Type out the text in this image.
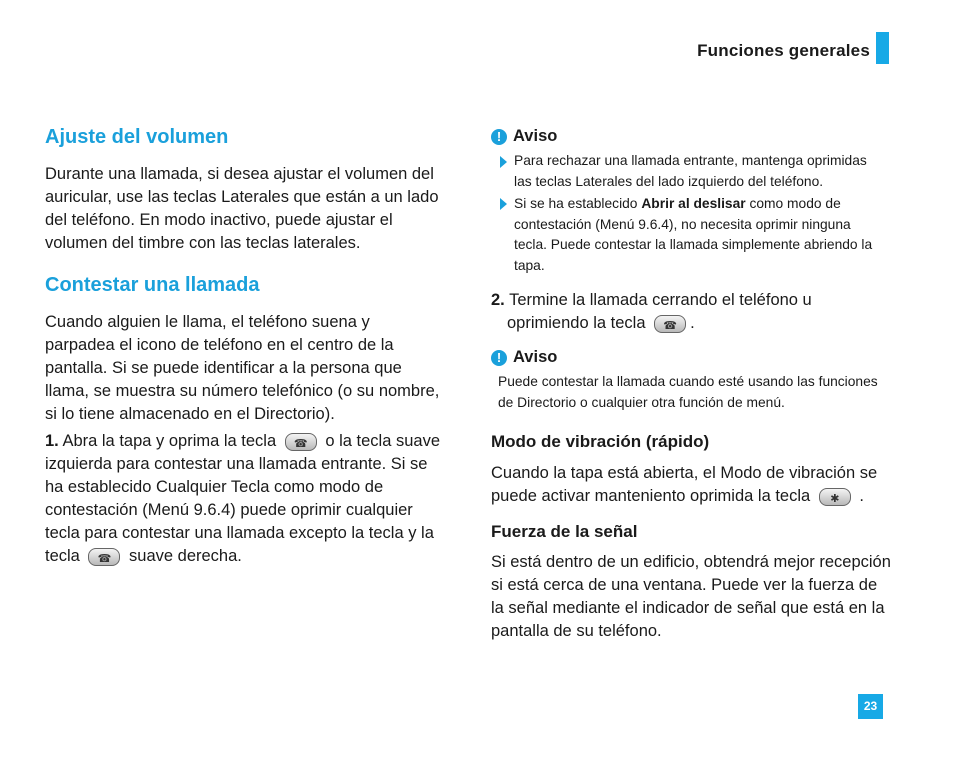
Funciones generales
Ajuste del volumen
Durante una llamada, si desea ajustar el volumen del auricular, use las teclas Laterales que están a un lado del teléfono. En modo inactivo, puede ajustar el volumen del timbre con las teclas laterales.
Contestar una llamada
Cuando alguien le llama, el teléfono suena y parpadea el icono de teléfono en el centro de la pantalla. Si se puede identificar a la persona que llama, se muestra su número telefónico (o su nombre, si lo tiene almacenado en el Directorio).
1. Abra la tapa y oprima la tecla	☎	o la tecla suave izquierda para contestar una llamada entrante. Si se ha establecido Cualquier Tecla como modo de contestación (Menú 9.6.4) puede oprimir cualquier tecla para contestar una llamada excepto la tecla y la tecla	☎	suave derecha.
! Aviso
Para rechazar una llamada entrante, mantenga oprimidas las teclas Laterales del lado izquierdo del teléfono.
Si se ha establecido Abrir al deslisar como modo de contestación (Menú 9.6.4), no necesita oprimir ninguna tecla. Puede contestar la llamada simplemente abriendo la tapa.
2. Termine la llamada cerrando el teléfono u oprimiendo la tecla	☎ .
! Aviso
Puede contestar la llamada cuando esté usando las funciones de Directorio o cualquier otra función de menú.
Modo de vibración (rápido)
Cuando la tapa está abierta, el Modo de vibración se puede activar manteniento oprimida la tecla	✱	.
Fuerza de la señal
Si está dentro de un edificio, obtendrá mejor recepción si está cerca de una ventana. Puede ver la fuerza de la señal mediante el indicador de señal que está en la pantalla de su teléfono.
23
